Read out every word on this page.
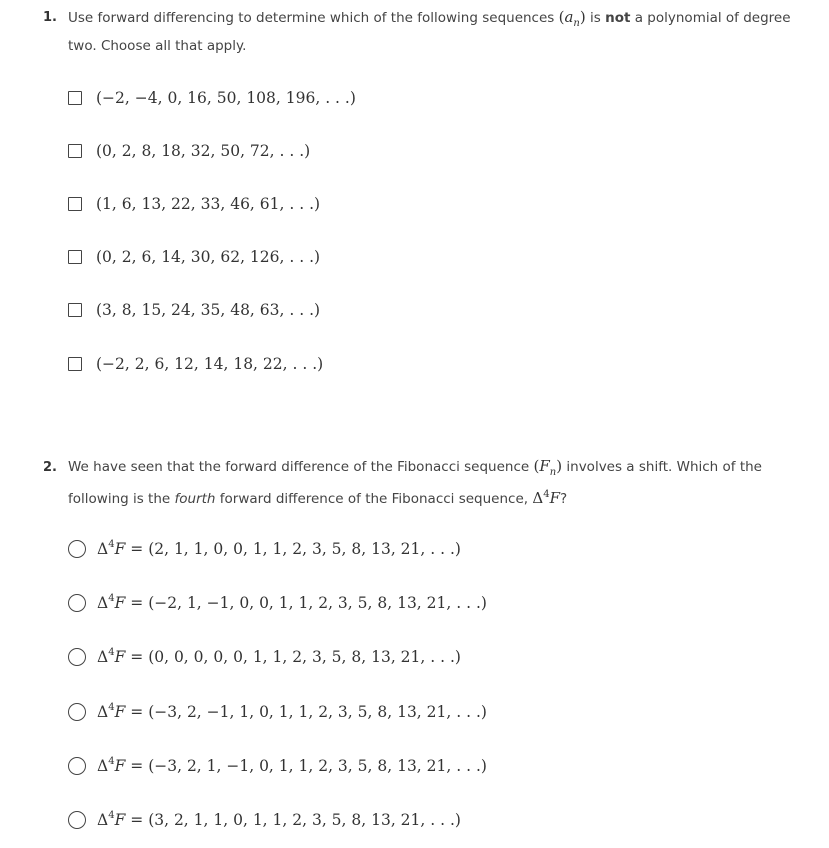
1. Use forward differencing to determine which of the following sequences $(a_n)$ is not a polynomial of degree two. Choose all that apply.
(−2, −4, 0, 16, 50, 108, 196, . . .)
(0, 2, 8, 18, 32, 50, 72, . . .)
(1, 6, 13, 22, 33, 46, 61, . . .)
(0, 2, 6, 14, 30, 62, 126, . . .)
(3, 8, 15, 24, 35, 48, 63, . . .)
(−2, 2, 6, 12, 14, 18, 22, . . .)
2. We have seen that the forward difference of the Fibonacci sequence $(F_n)$ involves a shift. Which of the following is the fourth forward difference of the Fibonacci sequence, $\Delta^4F$?
$\Delta^4F = (2$, 1, 1, 0, 0, 1, 1, 2, 3, 5, 8, 13, 21, . . .)
$\Delta^4F = (-2$, 1, −1, 0, 0, 1, 1, 2, 3, 5, 8, 13, 21, . . .)
$\Delta^4F = (0$, 0, 0, 0, 0, 1, 1, 2, 3, 5, 8, 13, 21, . . .)
$\Delta^4F = (-3$, 2, −1, 1, 0, 1, 1, 2, 3, 5, 8, 13, 21, . . .)
$\Delta^4F = (-3$, 2, 1, −1, 0, 1, 1, 2, 3, 5, 8, 13, 21, . . .)
$\Delta^4F = (3$, 2, 1, 1, 0, 1, 1, 2, 3, 5, 8, 13, 21, . . .)
